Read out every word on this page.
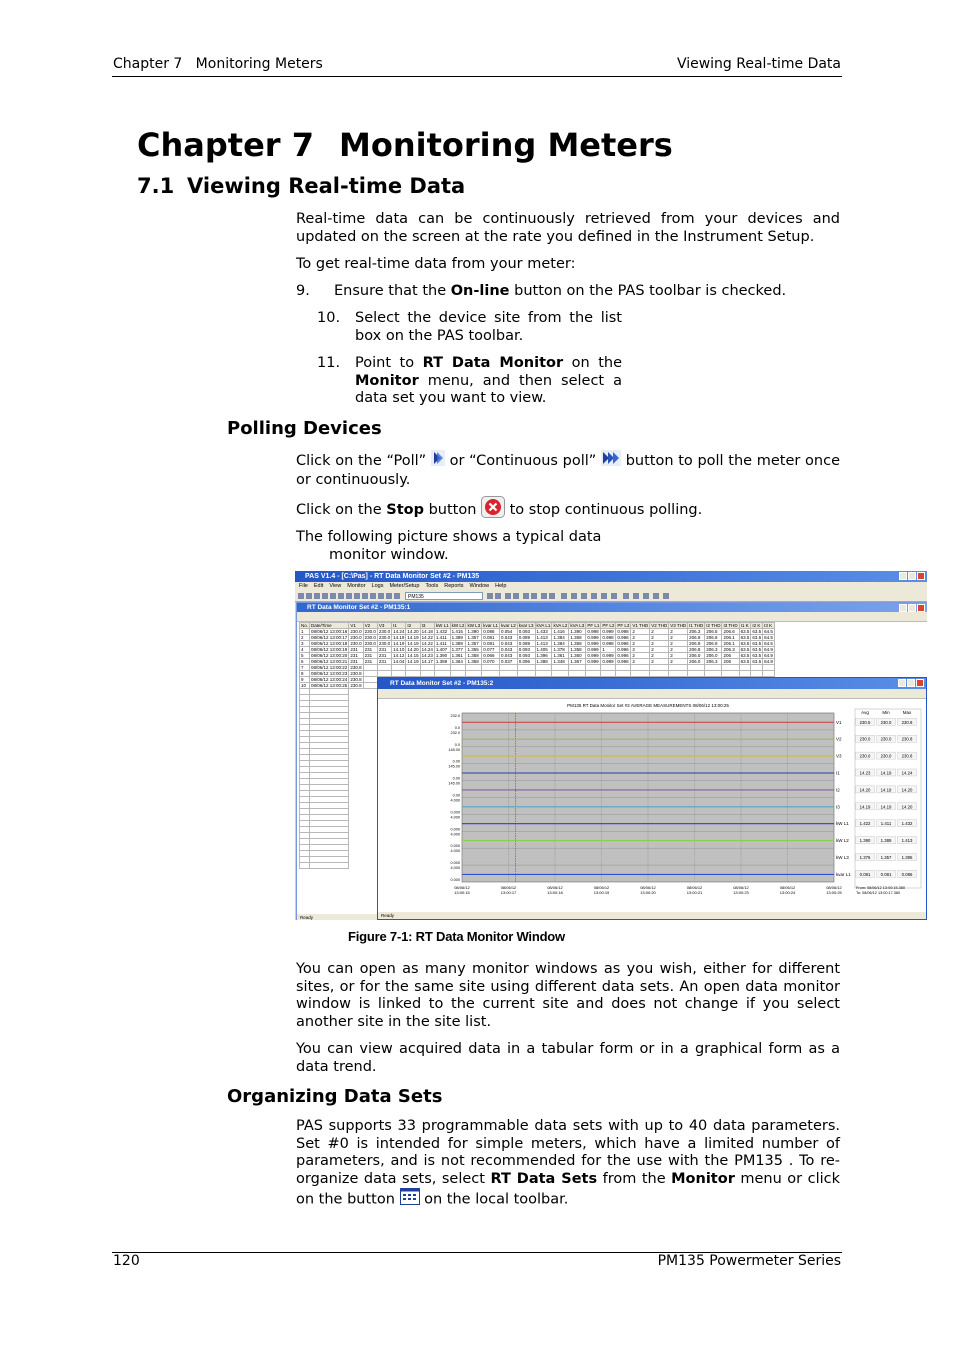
Chapter 7   Monitoring Meters	Viewing Real-time Data
Chapter 7 Monitoring Meters
7.1 Viewing Real-time Data

Real-time data can be continuously retrieved from your devices and updated on the screen at the rate you defined in the Instrument Setup.

To get real-time data from your meter:

9. Ensure that the On-line button on the PAS toolbar is checked.
10. Select the device site from the list box on the PAS toolbar.
11. Point to RT Data Monitor on the Monitor menu, and then select a data set you want to view.
Polling Devices

Click on the “Poll” or “Continuous poll” button to poll the meter once or continuously.

Click on the Stop button to stop continuous polling.

The following picture shows a typical data
monitor window.
PAS V1.4 - [C:\Pas] - RT Data Monitor Set #2 - PM135
File Edit View Monitor Logs Meter/Setup Tools Reports Window Help
PM135
RT Data Monitor Set #2 - PM135:1
No.	Date/Time	V1	V2	V3	I1	I2	I3	kW L1	kW L2	kW L3	kvar L1	kvar L2	kvar L3	kVA L1	kVA L2	kVA L3	PF L1	PF L2	PF L3	V1 THD	V2 THD	V3 THD	I1 THD	I2 THD	I3 THD	I1 K	I2 K	I3 K
1	08/06/12 13:00:16	230.0	230.0	230.0	14.24	14.20	14.18	1.432	1.415	1.390	0.086	0.054	0.093	1.433	1.416	1.390	0.998	0.999	0.998	2	2	2	206.3	206.5	206.6	63.5	63.5	64.5
2	08/06/12 13:00:17	230.0	230.0	230.0	14.19	14.19	14.22	1.411	1.389	1.357	0.081	0.043	0.089	1.413	1.384	1.358	0.999	0.998	0.996	2	2	2	206.9	206.8	206.1	63.5	63.5	64.5
3	08/06/12 13:00:18	230.0	230.0	230.0	14.19	14.19	14.22	1.411	1.389	1.357	0.081	0.043	0.089	1.413	1.384	1.358	0.999	0.998	0.996	2	2	2	206.9	206.8	206.1	63.5	63.5	64.5
4	08/06/12 13:00:19	231	231	231	14.10	14.20	14.24	1.407	1.377	1.355	0.077	0.043	0.093	1.405	1.378	1.358	0.999	1	0.996	2	2	2	206.8	206.3	206.3	63.5	63.5	64.9
5	08/06/12 13:00:20	231	231	231	14.12	14.15	14.23	1.390	1.361	1.358	0.066	0.043	0.093	1.396	1.361	1.360	0.999	0.999	0.996	2	2	2	206.0	206.0	206	63.5	63.5	64.9
6	08/06/12 13:00:21	231	231	231	14.04	14.19	14.17	1.389	1.364	1.358	0.070	0.037	0.096	1.388	1.348	1.367	0.999	0.999	0.996	2	2	2	206.0	206.3	206	63.5	63.5	64.9
7	08/06/12 13:00:22	230.8																										
8	08/06/12 13:00:23	230.8																										
9	08/06/12 13:00:24	230.8																										
10	08/06/12 13:00:25	230.8																										

Ready
RT Data Monitor Set #2 - PM135:2
PM135 RT Data Monitor Set #2 AVERAGE MEASUREMENTS 08/06/12 13:00:25
08/06/12 13:00:15
08/06/12 13:00:17
08/06/12 13:00:18
08/06/12 13:00:19
08/06/12 13:00:20
08/06/12 13:00:21
08/06/12 13:00:23
08/06/12 13:00:24
08/06/12 13:00:25
Avg	Min	Max
232.0
0.0
V1	230.5 230.0 230.8
232.0
0.0
V2	230.0 230.0 230.8
145.00
0.00
V3	230.0 230.0 230.8
145.00
0.00
I1	14.23 14.19 14.24
145.00
0.00
I2	14.20 14.19 14.20
4.000
0.000
I3	14.19 14.19 14.20
4.000
0.000
kW L1	1.422 1.411 1.432
4.000
0.000
kW L2	1.390 1.389 1.413
4.000
0.000
kW L3	1.376 1.357 1.395
4.000
0.000
kvar L1 0.081 0.081 0.086
From: 08/06/12 13:00:15.380
To: 08/06/12 13:00:17.380
Ready
Figure 7-1: RT Data Monitor Window

You can open as many monitor windows as you wish, either for different sites, or for the same site using different data sets. An open data monitor window is linked to the current site and does not change if you select another site in the site list.

You can view acquired data in a tabular form or in a graphical form as a data trend.

Organizing Data Sets

PAS supports 33 programmable data sets with up to 40 data parameters. Set #0 is intended for simple meters, which have a limited number of parameters, and is not recommended for the use with the PM135 . To re-organize data sets, select RT Data Sets from the Monitor menu or click on the button  on the local toolbar.

120	PM135 Powermeter Series
